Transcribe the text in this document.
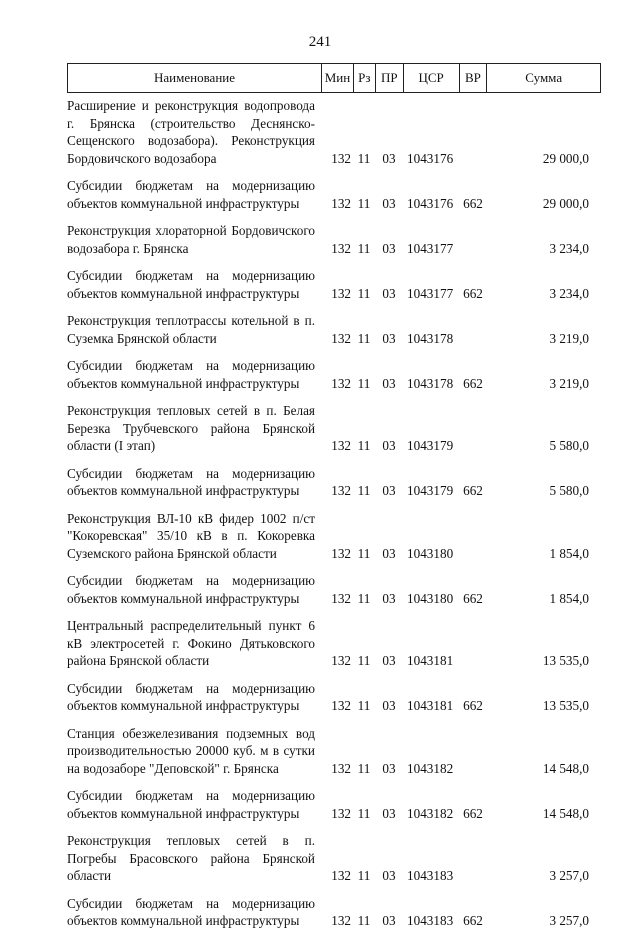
241
Наименование	Мин Рз ПР	ЦСР	ВР	Сумма
Расширение и реконструкция водопровода г. Брянска (строительство Деснянско-Сещенского водозабора). Реконструкция Бордовичского водозабора	132 11 03 1043176	29 000,0
Субсидии бюджетам на модернизацию объектов коммунальной инфраструктуры	132 11 03 1043176 662	29 000,0
Реконструкция хлораторной Бордовичского водозабора г. Брянска	132 11 03 1043177	3 234,0
Субсидии бюджетам на модернизацию объектов коммунальной инфраструктуры	132 11 03 1043177 662	3 234,0
Реконструкция теплотрассы котельной в п. Суземка Брянской области	132 11 03 1043178	3 219,0
Субсидии бюджетам на модернизацию объектов коммунальной инфраструктуры	132 11 03 1043178 662	3 219,0
Реконструкция тепловых сетей в п. Белая Березка Трубчевского района Брянской области (I этап)	132 11 03 1043179	5 580,0
Субсидии бюджетам на модернизацию объектов коммунальной инфраструктуры	132 11 03 1043179 662	5 580,0
Реконструкция ВЛ-10 кВ фидер 1002 п/ст "Кокоревская" 35/10 кВ в п. Кокоревка Суземского района Брянской области	132 11 03 1043180	1 854,0
Субсидии бюджетам на модернизацию объектов коммунальной инфраструктуры	132 11 03 1043180 662	1 854,0
Центральный распределительный пункт 6 кВ электросетей г. Фокино Дятьковского района Брянской области	132 11 03 1043181	13 535,0
Субсидии бюджетам на модернизацию объектов коммунальной инфраструктуры	132 11 03 1043181 662	13 535,0
Станция обезжелезивания подземных вод производительностью 20000 куб. м в сутки на водозаборе "Деповской" г. Брянска	132 11 03 1043182	14 548,0
Субсидии бюджетам на модернизацию объектов коммунальной инфраструктуры	132 11 03 1043182 662	14 548,0
Реконструкция тепловых сетей в п. Погребы Брасовского района Брянской области	132 11 03 1043183	3 257,0
Субсидии бюджетам на модернизацию объектов коммунальной инфраструктуры	132 11 03 1043183 662	3 257,0
